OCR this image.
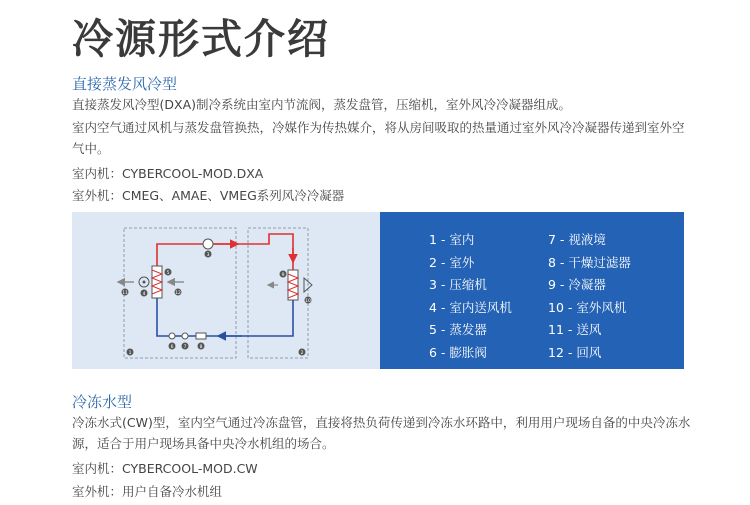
冷源形式介绍
直接蒸发风冷型

直接蒸发风冷型(DXA)制冷系统由室内节流阀，蒸发盘管，压缩机，室外风冷冷凝器组成。

室内空气通过风机与蒸发盘管换热，冷媒作为传热媒介，将从房间吸取的热量通过室外风冷冷凝器传递到室外空气中。

室内机：CYBERCOOL-MOD.DXA

室外机：CMEG、AMAE、VMEG系列风冷冷凝器

3
5
4
11	12
1	2
6 7	8
9
10
1 - 室内
2 - 室外
3 - 压缩机
4 - 室内送风机
5 - 蒸发器
6 - 膨胀阀
7 - 视液境
8 - 干燥过滤器
9 - 冷凝器
10 - 室外风机
11 - 送风
12 - 回风
冷冻水型

冷冻水式(CW)型，室内空气通过冷冻盘管，直接将热负荷传递到冷冻水环路中，利用用户现场自备的中央冷冻水源，适合于用户现场具备中央冷水机组的场合。

室内机：CYBERCOOL-MOD.CW

室外机：用户自备冷水机组
